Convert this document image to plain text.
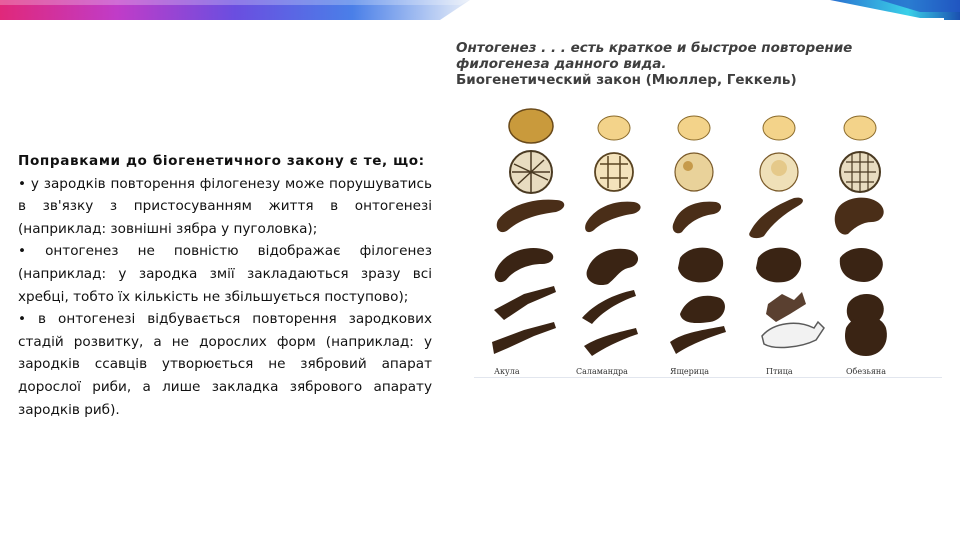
Поправками до біогенетичного закону є те, що:

• у зародків повторення філогенезу може порушуватись в зв'язку з пристосуванням життя в онтогенезі (наприклад: зовнішні зябра у пуголовка);

• онтогенез не повністю відображає філогенез (наприклад: у зародка змії закладаються зразу всі хребці, тобто їх кількість не збільшується поступово);

• в онтогенезі відбувається повторення зародкових стадій розвитку, а не дорослих форм (наприклад: у зародків ссавців утворюється не зябровий апарат дорослої риби, а лише закладка зябрового апарату зародків риб).

Онтогенез . . . есть краткое и быстрое повторение

филогенеза данного вида.

Биогенетический закон (Мюллер, Геккель)

Акула	Саламандра	Ящерица	Птица	Обезьяна
